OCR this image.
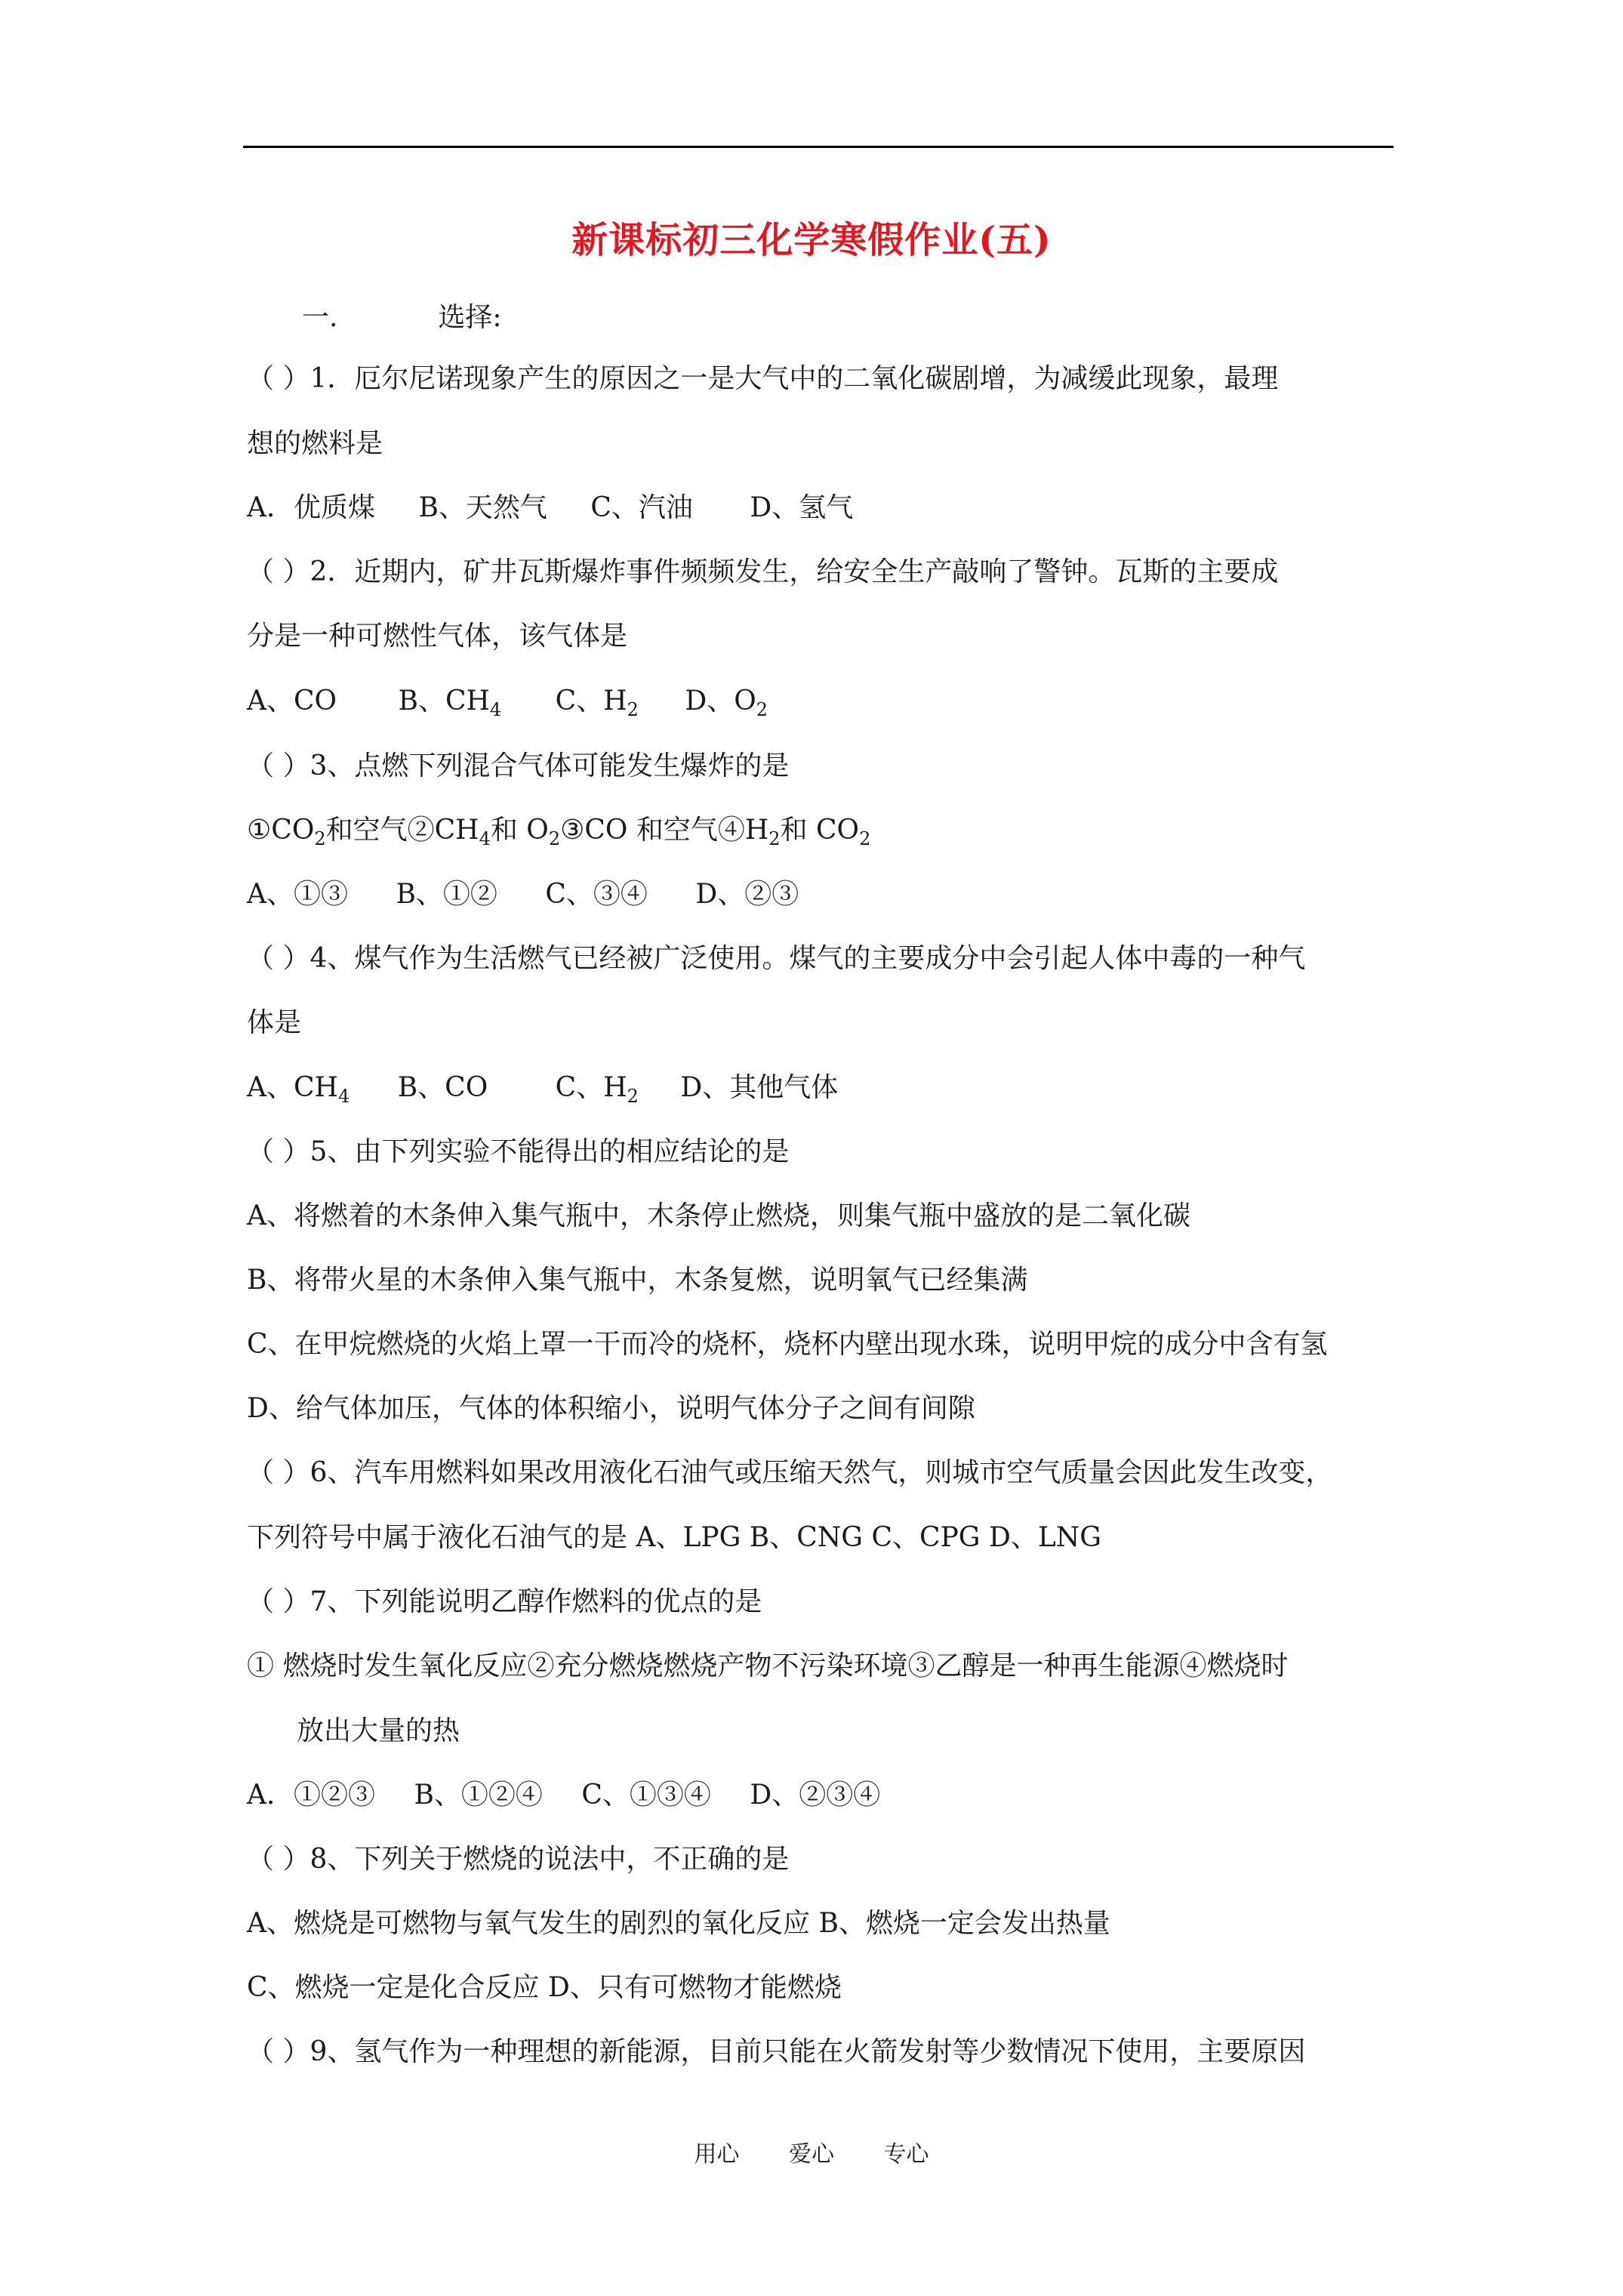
新课标初三化学寒假作业(五)
一.	选择:
（ ）1．厄尔尼诺现象产生的原因之一是大气中的二氧化碳剧增，为减缓此现象，最理
想的燃料是
A．优质煤 B、天然气 C、汽油 D、氢气
（ ）2．近期内，矿井瓦斯爆炸事件频频发生，给安全生产敲响了警钟。瓦斯的主要成
分是一种可燃性气体，该气体是
A、CO B、$CH_4$ C、$H_2$ D、$O_2$
（ ）3、点燃下列混合气体可能发生爆炸的是
$①CO_2$和空气$②CH_4$和 $O_2③CO$ 和空气$④H_2$和 $CO_2$
A、①③ B、①② C、③④ D、②③
（ ）4、煤气作为生活燃气已经被广泛使用。煤气的主要成分中会引起人体中毒的一种气
体是
A、$CH_4$ B、CO C、$H_2$ D、其他气体
（ ）5、由下列实验不能得出的相应结论的是
A、将燃着的木条伸入集气瓶中，木条停止燃烧，则集气瓶中盛放的是二氧化碳
B、将带火星的木条伸入集气瓶中，木条复燃，说明氧气已经集满
C、在甲烷燃烧的火焰上罩一干而冷的烧杯，烧杯内壁出现水珠，说明甲烷的成分中含有氢
D、给气体加压，气体的体积缩小，说明气体分子之间有间隙
（ ）6、汽车用燃料如果改用液化石油气或压缩天然气，则城市空气质量会因此发生改变，
下列符号中属于液化石油气的是 A、LPG B、CNG C、CPG D、LNG
（ ）7、下列能说明乙醇作燃料的优点的是
① 燃烧时发生氧化反应②充分燃烧燃烧产物不污染环境③乙醇是一种再生能源④燃烧时
放出大量的热
A．①②③ B、①②④ C、①③④ D、②③④
（ ）8、下列关于燃烧的说法中，不正确的是
A、燃烧是可燃物与氧气发生的剧烈的氧化反应 B、燃烧一定会发出热量
C、燃烧一定是化合反应 D、只有可燃物才能燃烧
（ ）9、氢气作为一种理想的新能源，目前只能在火箭发射等少数情况下使用，主要原因
用心 爱心 专心
